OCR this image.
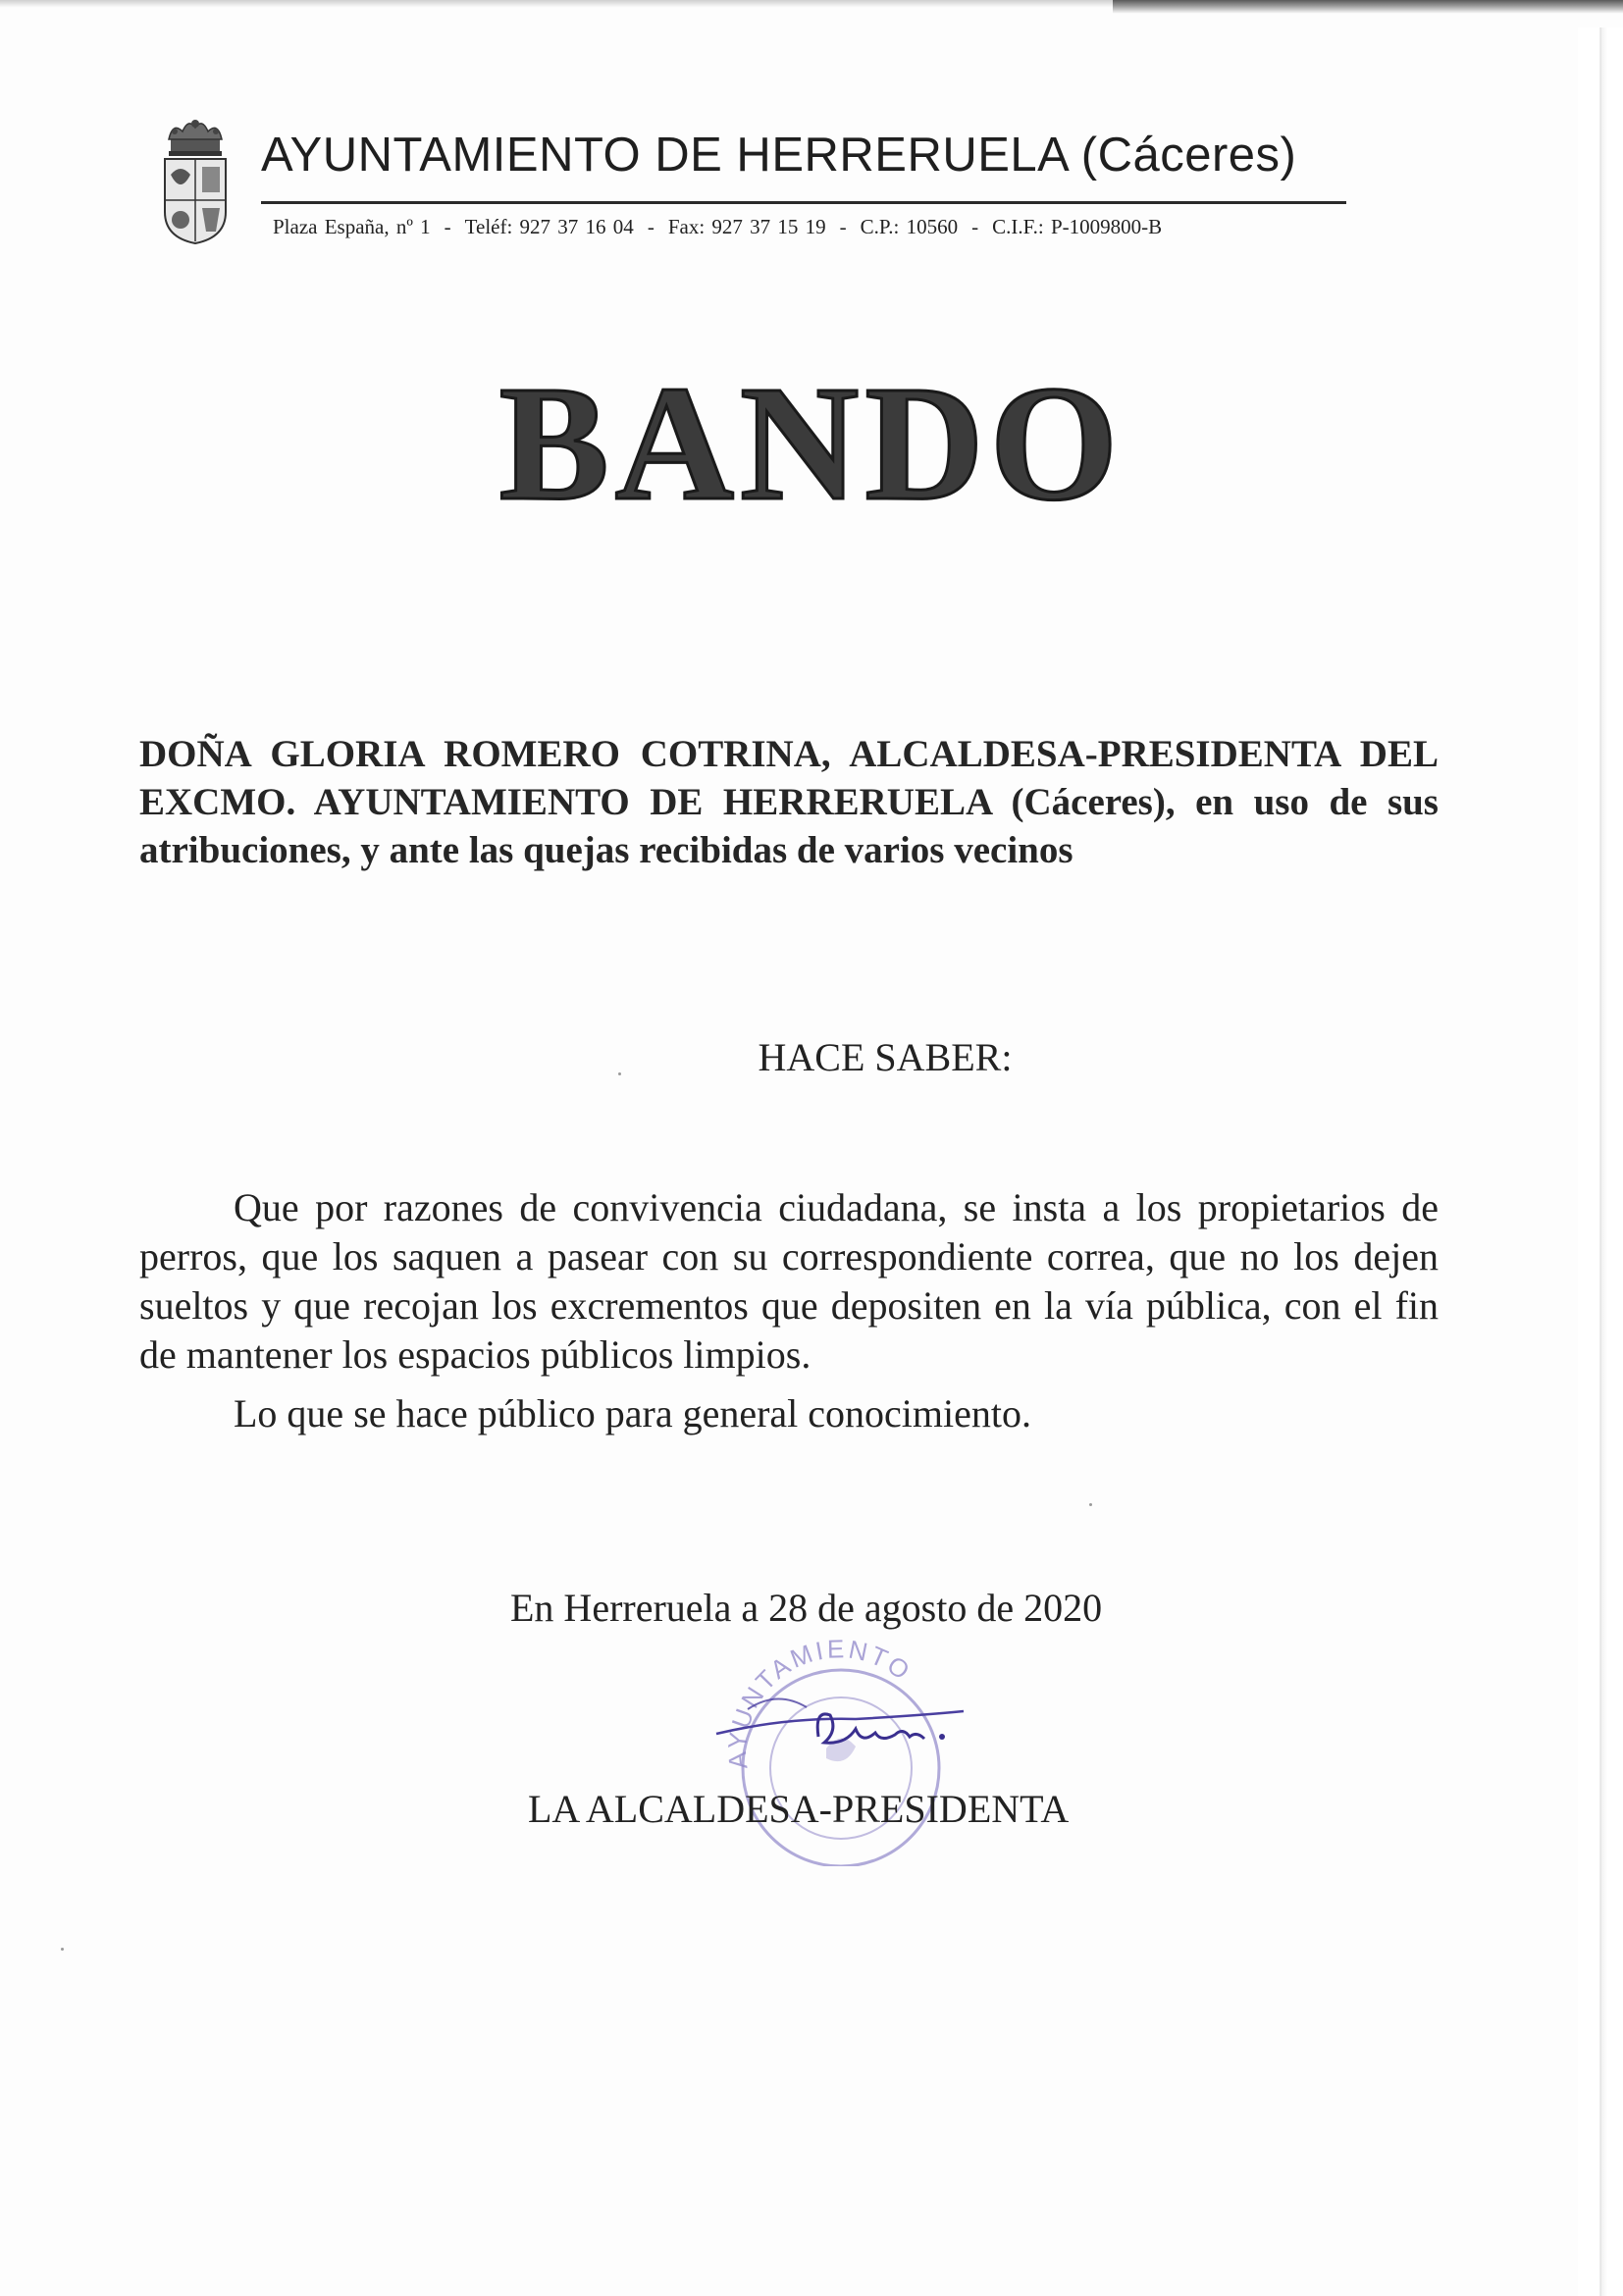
AYUNTAMIENTO DE HERRERUELA (Cáceres)
Plaza España, nº 1 - Teléf: 927 37 16 04 - Fax: 927 37 15 19 - C.P.: 10560 - C.I.F.: P-1009800-B
BANDO
DOÑA GLORIA ROMERO COTRINA, ALCALDESA-PRESIDENTA DEL EXCMO. AYUNTAMIENTO DE HERRERUELA (Cáceres), en uso de sus atribuciones, y ante las quejas recibidas de varios vecinos
HACE SABER:

Que por razones de convivencia ciudadana, se insta a los propietarios de perros, que los saquen a pasear con su correspondiente correa, que no los dejen sueltos y que recojan los excrementos que depositen en la vía pública, con el fin de mantener los espacios públicos limpios.

Lo que se hace público para general conocimiento.

En Herreruela a 28 de agosto de 2020
AYUNTAMIENTO
LA ALCALDESA-PRESIDENTA
